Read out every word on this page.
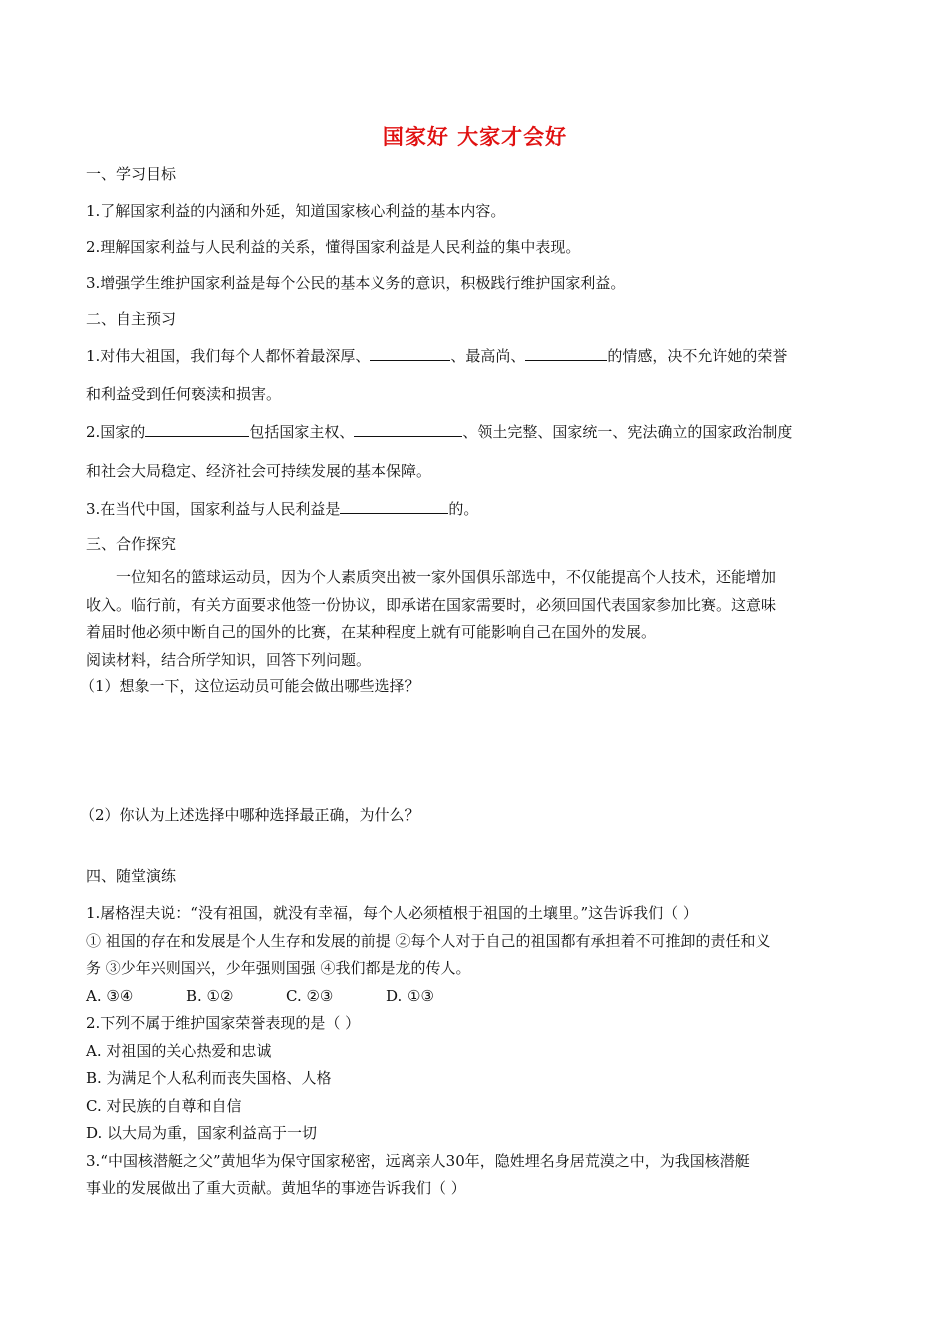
国家好 大家才会好
一、学习目标
1.了解国家利益的内涵和外延，知道国家核心利益的基本内容。
2.理解国家利益与人民利益的关系，懂得国家利益是人民利益的集中表现。
3.增强学生维护国家利益是每个公民的基本义务的意识，积极践行维护国家利益。
二、自主预习
1.对伟大祖国，我们每个人都怀着最深厚、	、最高尚、	的情感，决不允许她的荣誉
和利益受到任何亵渎和损害。
2.国家的	包括国家主权、	、领土完整、国家统一、宪法确立的国家政治制度
和社会大局稳定、经济社会可持续发展的基本保障。
3.在当代中国，国家利益与人民利益是	的。
三、合作探究
一位知名的篮球运动员，因为个人素质突出被一家外国俱乐部选中，不仅能提高个人技术，还能增加
收入。临行前，有关方面要求他签一份协议，即承诺在国家需要时，必须回国代表国家参加比赛。这意味
着届时他必须中断自己的国外的比赛，在某种程度上就有可能影响自己在国外的发展。
阅读材料，结合所学知识，回答下列问题。
（1）想象一下，这位运动员可能会做出哪些选择？
（2）你认为上述选择中哪种选择最正确，为什么？
四、随堂演练
1.屠格涅夫说：“没有祖国，就没有幸福，每个人必须植根于祖国的土壤里。”这告诉我们（ ）
① 祖国的存在和发展是个人生存和发展的前提 ②每个人对于自己的祖国都有承担着不可推卸的责任和义
务 ③少年兴则国兴，少年强则国强 ④我们都是龙的传人。
A. ③④	B. ①②	C. ②③	D. ①③
2.下列不属于维护国家荣誉表现的是（ ）
A. 对祖国的关心热爱和忠诚
B. 为满足个人私利而丧失国格、人格
C. 对民族的自尊和自信
D. 以大局为重，国家利益高于一切
3.“中国核潜艇之父”黄旭华为保守国家秘密，远离亲人30年，隐姓埋名身居荒漠之中，为我国核潜艇
事业的发展做出了重大贡献。黄旭华的事迹告诉我们（ ）
